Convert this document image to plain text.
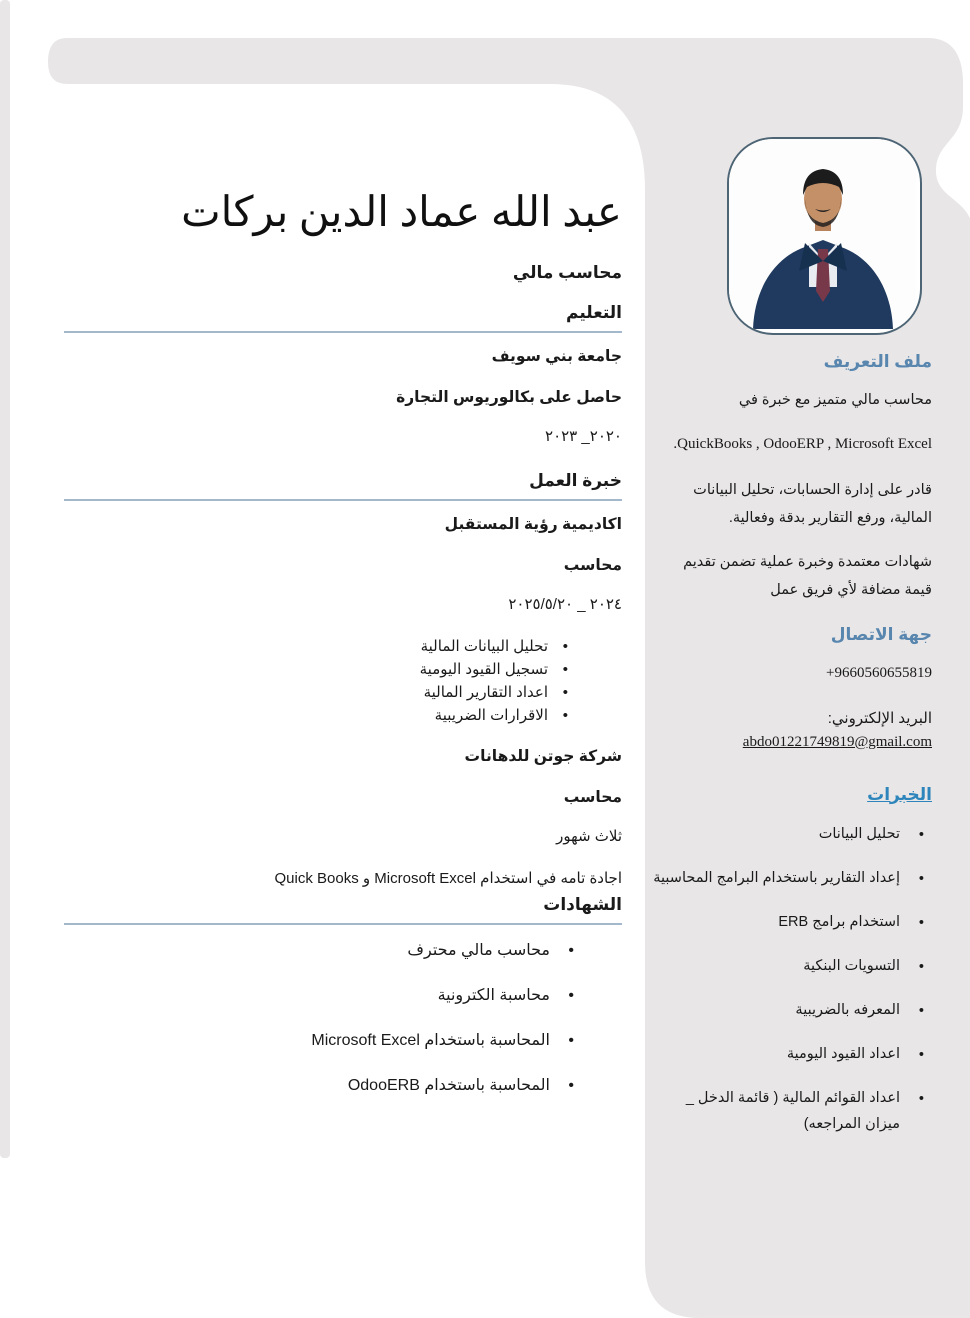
عبد الله عماد الدين بركات
محاسب مالي
التعليم
جامعة بني سويف
حاصل على بكالوريوس التجارة
٢٠٢٠_ ٢٠٢٣
خبرة العمل
اكاديمية رؤية المستقبل
محاسب
٢٠٢٤ _ ٢٠٢٥/٥/٢٠
•
تحليل البيانات المالية
•
تسجيل القيود اليومية
•
اعداد التقارير المالية
•
الاقرارات الضريبية
شركة جوتن للدهانات
محاسب
ثلاث شهور
اجادة تامه في استخدام Microsoft Excel و Quick Books
الشهادات
•
محاسب مالي محترف
•
محاسبة الكترونية
•
المحاسبة باستخدام Microsoft Excel
•
المحاسبة باستخدام OdooERB
ملف التعريف

محاسب مالي متميز مع خبرة في

.QuickBooks , OdooERP , Microsoft Excel

قادر على إدارة الحسابات، تحليل البيانات المالية، ورفع التقارير بدقة وفعالية.

شهادات معتمدة وخبرة عملية تضمن تقديم قيمة مضافة لأي فريق عمل

جهة الاتصال
+9660560655819
البريد الإلكتروني:
abdo01221749819@gmail.com
الخبرات
•
تحليل البيانات
•
إعداد التقارير باستخدام البرامج المحاسبية
•
استخدام برامج ERB
•
التسويات البنكية
•
المعرفه بالضريبية
•
اعداد القيود اليومية
•
اعداد القوائم المالية ( قائمة الدخل _ ميزان المراجعه)
